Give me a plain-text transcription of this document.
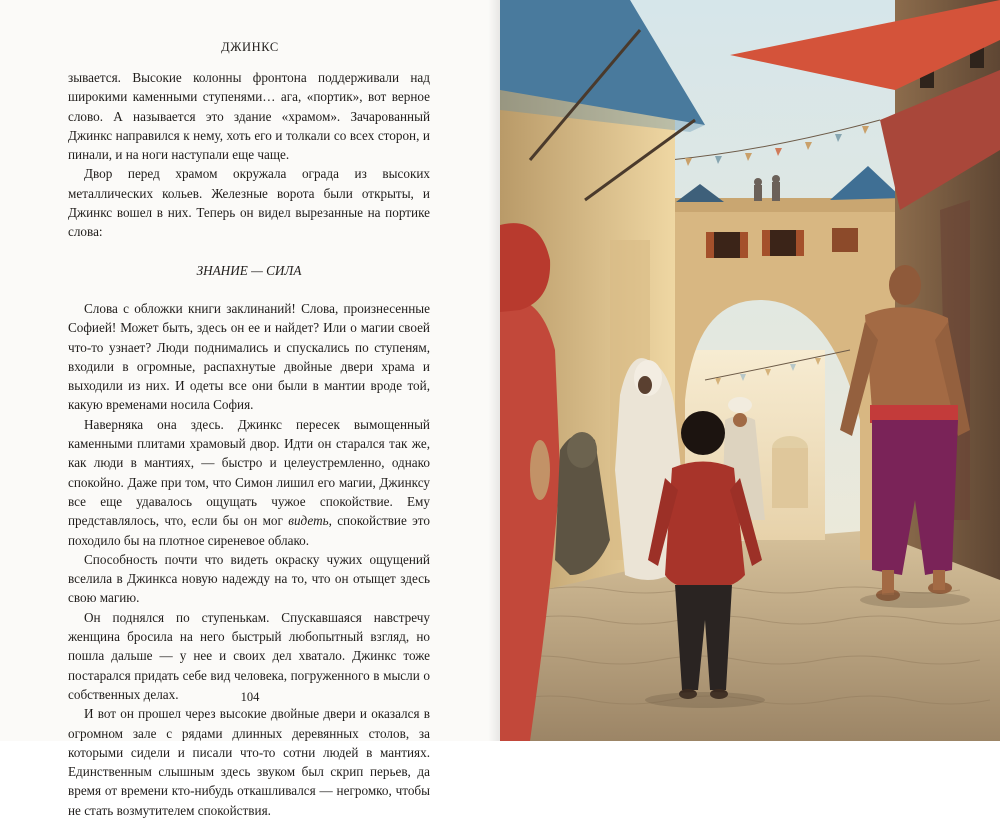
ДЖИНКС

зывается. Высокие колонны фронтона поддерживали над широкими каменными ступенями… ага, «портик», вот верное слово. А называется это здание «храмом». Зачарованный Джинкс направился к нему, хоть его и толкали со всех сторон, и пинали, и на ноги наступали еще чаще.

Двор перед храмом окружала ограда из высоких металлических кольев. Железные ворота были открыты, и Джинкс вошел в них. Теперь он видел вырезанные на портике слова:

ЗНАНИЕ — СИЛА

Слова с обложки книги заклинаний! Слова, произнесенные Софией! Может быть, здесь он ее и найдет? Или о магии своей что-то узнает? Люди поднимались и спускались по ступеням, входили в огромные, распахнутые двойные двери храма и выходили из них. И одеты все они были в мантии вроде той, какую временами носила София.

Наверняка она здесь. Джинкс пересек вымощенный каменными плитами храмовый двор. Идти он старался так же, как люди в мантиях, — быстро и целеустремленно, однако спокойно. Даже при том, что Симон лишил его магии, Джинксу все еще удавалось ощущать чужое спокойствие. Ему представлялось, что, если бы он мог видеть, спокойствие это походило бы на плотное сиреневое облако.

Способность почти что видеть окраску чужих ощущений вселила в Джинкса новую надежду на то, что он отыщет здесь свою магию.

Он поднялся по ступенькам. Спускавшаяся навстречу женщина бросила на него быстрый любопытный взгляд, но пошла дальше — у нее и своих дел хватало. Джинкс тоже постарался придать себе вид человека, погруженного в мысли о собственных делах.

И вот он прошел через высокие двойные двери и оказался в огромном зале с рядами длинных деревянных столов, за которыми сидели и писали что-то сотни людей в мантиях. Единственным слышным здесь звуком был скрип перьев, да время от времени кто-нибудь откашливался — негромко, чтобы не стать возмутителем спокойствия.

104
